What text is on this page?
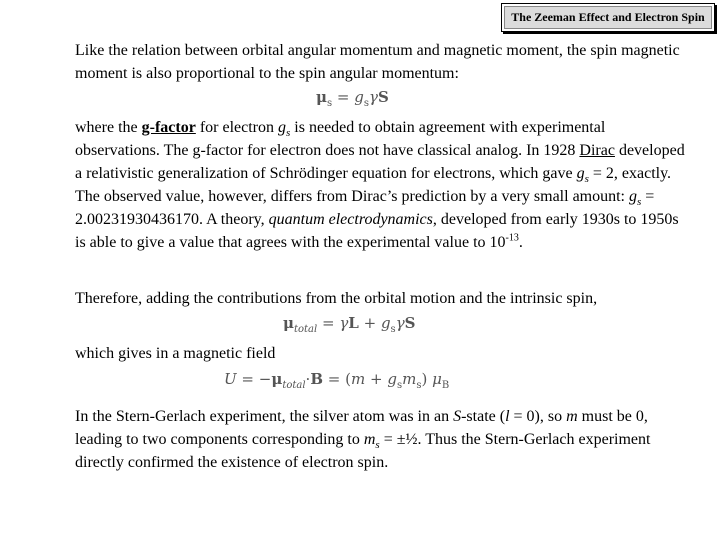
The Zeeman Effect and Electron Spin

Like the relation between orbital angular momentum and magnetic moment, the spin magnetic moment is also proportional to the spin angular momentum:

$\mu_s = g_s\gamma S$

where the g-factor for electron $g_s$ is needed to obtain agreement with experimental observations. The g-factor for electron does not have classical analog. In 1928 Dirac developed a relativistic generalization of Schrödinger equation for electrons, which gave $g_s = 2$, exactly. The observed value, however, differs from Dirac’s prediction by a very small amount: $g_s = 2.00231930436170$. A theory, quantum electrodynamics, developed from early 1930s to 1950s is able to give a value that agrees with the experimental value to $10^{-13}$.

Therefore, adding the contributions from the orbital motion and the intrinsic spin,

$\mu_{total} = \gamma L + g_s\gamma S$

which gives in a magnetic field

$U = -\mu_{total}\cdot B = (m + g_sm_s)$ $\mu_B$

In the Stern-Gerlach experiment, the silver atom was in an S-state (l = 0), so m must be 0, leading to two components corresponding to $m_s$ = ±½. Thus the Stern-Gerlach experiment directly confirmed the existence of electron spin.
